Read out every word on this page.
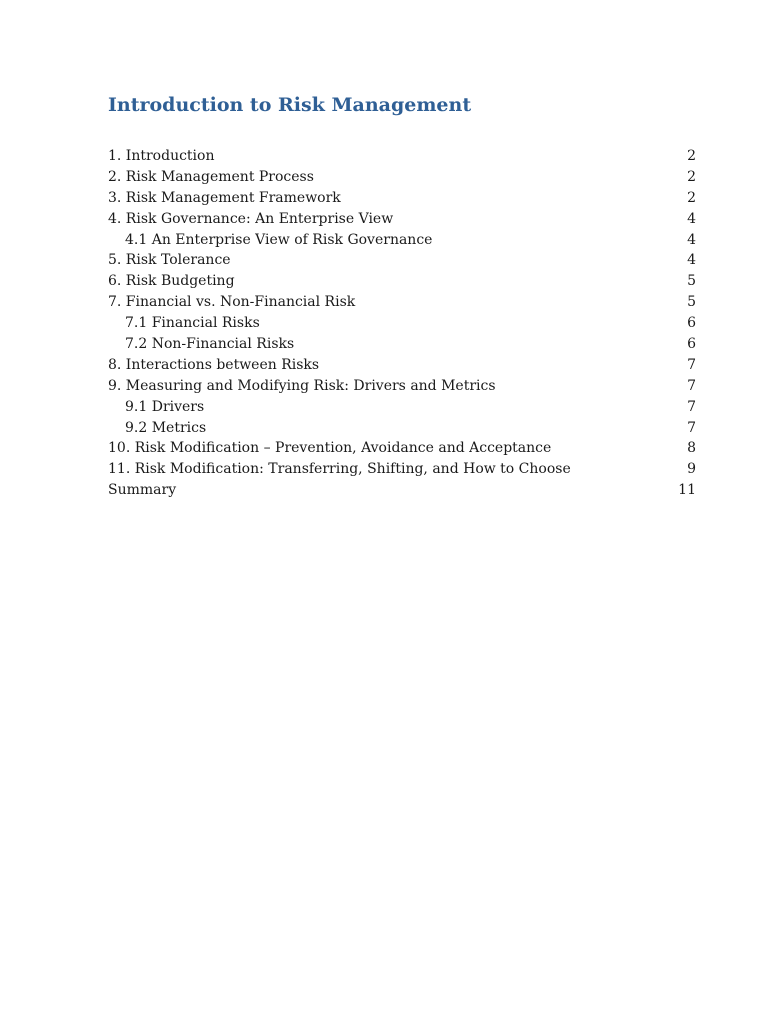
Introduction to Risk Management
1. Introduction	2
2. Risk Management Process	2
3. Risk Management Framework	2
4. Risk Governance: An Enterprise View	4
4.1 An Enterprise View of Risk Governance	4
5. Risk Tolerance	4
6. Risk Budgeting	5
7. Financial vs. Non-Financial Risk	5
7.1 Financial Risks	6
7.2 Non-Financial Risks	6
8. Interactions between Risks	7
9. Measuring and Modifying Risk: Drivers and Metrics	7
9.1 Drivers	7
9.2 Metrics	7
10. Risk Modification – Prevention, Avoidance and Acceptance	8
11. Risk Modification: Transferring, Shifting, and How to Choose	9
Summary	11
